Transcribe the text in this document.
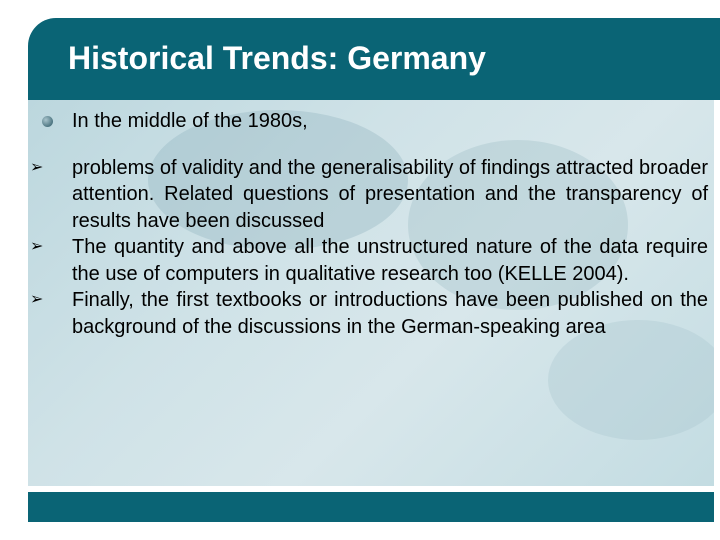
Historical Trends: Germany
In the middle of the 1980s,
➢ problems of validity and the generalisability of findings attracted broader attention. Related questions of presentation and the transparency of results have been discussed
➢ The quantity and above all the unstructured nature of the data require the use of computers in qualitative research too (KELLE 2004).
➢ Finally, the first textbooks or introductions have been published on the background of the discussions in the German-speaking area
